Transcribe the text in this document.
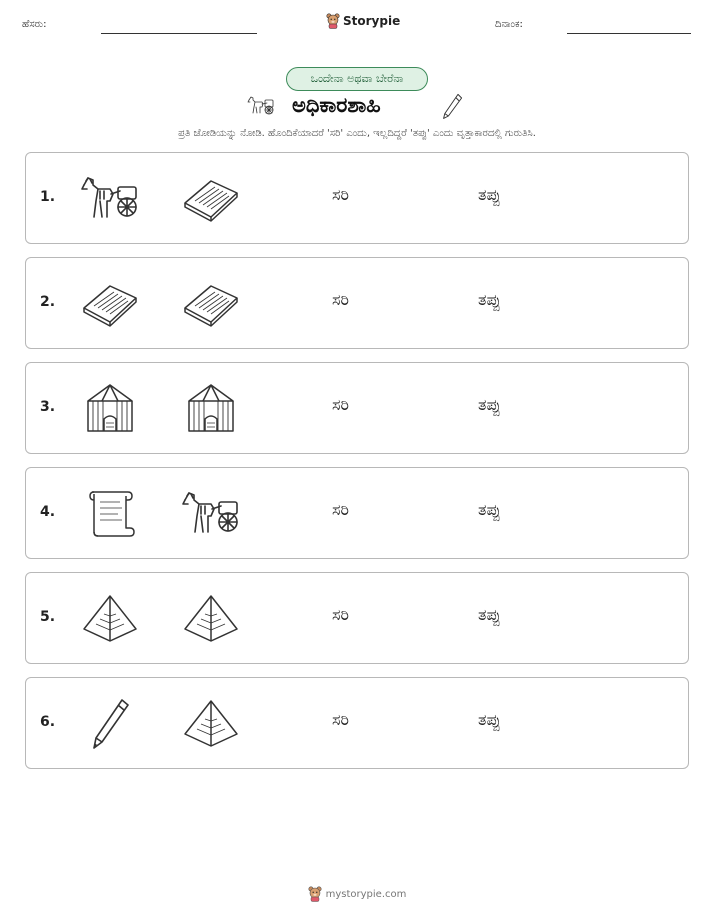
ಹೆಸರು:	Storypie	ದಿನಾಂಕ:
ಒಂದೇನಾ ಅಥವಾ ಬೇರೆನಾ
ಅಧಿಕಾರಶಾಹಿ
ಪ್ರತಿ ಜೋಡಿಯನ್ನು ನೋಡಿ. ಹೊಂದಿಕೆಯಾದರೆ 'ಸರಿ' ಎಂದು, ಇಲ್ಲದಿದ್ದರೆ 'ತಪ್ಪು' ಎಂದು ವೃತ್ತಾಕಾರದಲ್ಲಿ ಗುರುತಿಸಿ.
1.	ಸರಿ	ತಪ್ಪು
2.	ಸರಿ	ತಪ್ಪು
3.	ಸರಿ	ತಪ್ಪು
4.	ಸರಿ	ತಪ್ಪು
5.	ಸರಿ	ತಪ್ಪು
6.	ಸರಿ	ತಪ್ಪು
mystorypie.com
